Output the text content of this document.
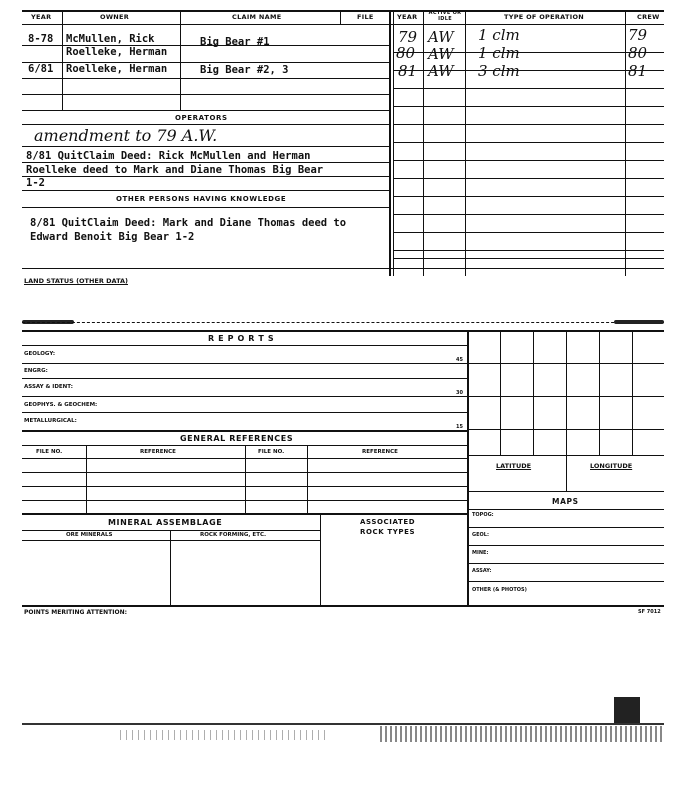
YEAR	OWNER	CLAIM NAME	FILE	YEAR ACTIVE OR IDLE	TYPE OF OPERATION	CREW
8-78 McMullen, Rick	Big Bear #1
Roelleke, Herman
6/81 Roelleke, Herman	Big Bear #2, 3
79 AW 1 clm	79
80 AW 1 clm	80
81 AW 3 clm	81
OPERATORS
amendment to 79 A.W.
8/81 QuitClaim Deed: Rick McMullen and Herman
Roelleke deed to Mark and Diane Thomas Big Bear
1-2
OTHER PERSONS HAVING KNOWLEDGE
8/81 QuitClaim Deed: Mark and Diane Thomas deed to
Edward Benoit Big Bear 1-2
LAND STATUS (OTHER DATA)
R E P O R T S
GEOLOGY:
45
ENGRG:
ASSAY & IDENT:
30
GEOPHYS. & GEOCHEM:
METALLURGICAL:
15
LATITUDE	LONGITUDE
MAPS
TOPOG:
GEOL:
MINE:
ASSAY:
OTHER (& PHOTOS)
GENERAL REFERENCES
FILE NO.	REFERENCE	FILE NO.	REFERENCE
MINERAL ASSEMBLAGE	ASSOCIATED
ROCK TYPES
ORE MINERALS	ROCK FORMING, ETC.
POINTS MERITING ATTENTION:	SF 7012
